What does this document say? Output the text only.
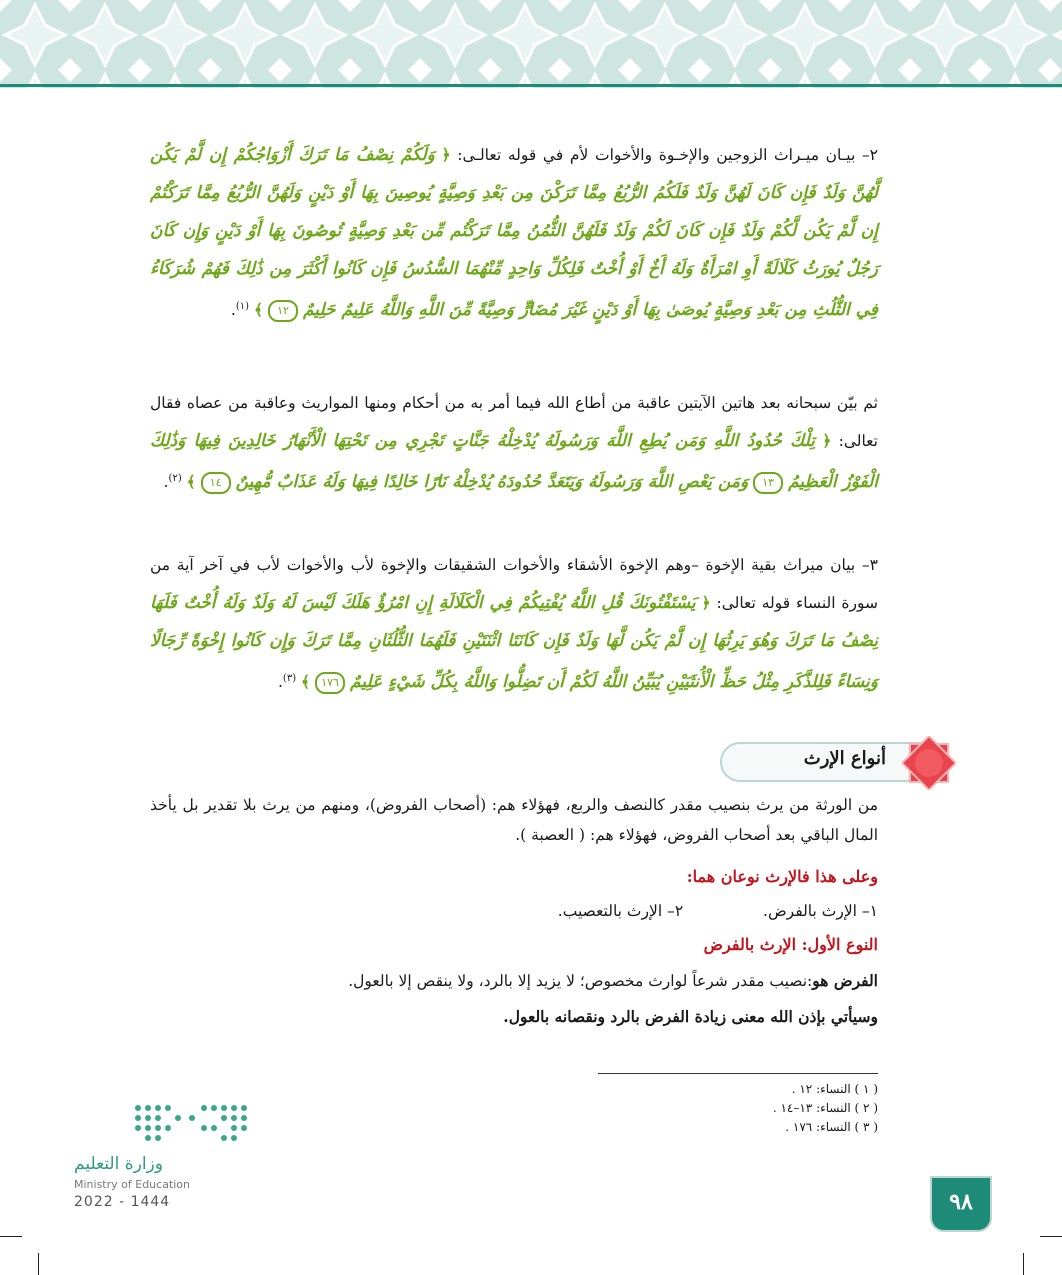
٢– بيـان ميـراث الزوجين والإخـوة والأخوات لأم في قوله تعالـى: ﴿ وَلَكُمْ نِصْفُ مَا تَرَكَ أَزْوَاجُكُمْ إِن لَّمْ يَكُن لَّهُنَّ وَلَدٌ فَإِن كَانَ لَهُنَّ وَلَدٌ فَلَكُمُ الرُّبُعُ مِمَّا تَرَكْنَ مِن بَعْدِ وَصِيَّةٍ يُوصِينَ بِهَا أَوْ دَيْنٍ وَلَهُنَّ الرُّبُعُ مِمَّا تَرَكْتُمْ إِن لَّمْ يَكُن لَّكُمْ وَلَدٌ فَإِن كَانَ لَكُمْ وَلَدٌ فَلَهُنَّ الثُّمُنُ مِمَّا تَرَكْتُم مِّن بَعْدِ وَصِيَّةٍ تُوصُونَ بِهَا أَوْ دَيْنٍ وَإِن كَانَ رَجُلٌ يُورَثُ كَلَالَةً أَوِ امْرَأَةٌ وَلَهُ أَخٌ أَوْ أُخْتٌ فَلِكُلِّ وَاحِدٍ مِّنْهُمَا السُّدُسُ فَإِن كَانُوا أَكْثَرَ مِن ذَٰلِكَ فَهُمْ شُرَكَاءُ فِي الثُّلُثِ مِن بَعْدِ وَصِيَّةٍ يُوصَىٰ بِهَا أَوْ دَيْنٍ غَيْرَ مُضَارٍّ وَصِيَّةً مِّنَ اللَّهِ وَاللَّهُ عَلِيمٌ حَلِيمٌ ١٢ ﴾ $^{(١)}$.
ثم بيّن سبحانه بعد هاتين الآيتين عاقبة من أطاع الله فيما أمر به من أحكام ومنها المواريث وعاقبة من عصاه فقال تعالى: ﴿ تِلْكَ حُدُودُ اللَّهِ وَمَن يُطِعِ اللَّهَ وَرَسُولَهُ يُدْخِلْهُ جَنَّاتٍ تَجْرِي مِن تَحْتِهَا الْأَنْهَارُ خَالِدِينَ فِيهَا وَذَٰلِكَ الْفَوْزُ الْعَظِيمُ ١٣ وَمَن يَعْصِ اللَّهَ وَرَسُولَهُ وَيَتَعَدَّ حُدُودَهُ يُدْخِلْهُ نَارًا خَالِدًا فِيهَا وَلَهُ عَذَابٌ مُّهِينٌ ١٤ ﴾ $^{(٢)}$.
٣– بيان ميراث بقية الإخوة –وهم الإخوة الأشقاء والأخوات الشقيقات والإخوة لأب والأخوات لأب في آخر آية من سورة النساء قوله تعالى: ﴿ يَسْتَفْتُونَكَ قُلِ اللَّهُ يُفْتِيكُمْ فِي الْكَلَالَةِ إِنِ امْرُؤٌ هَلَكَ لَيْسَ لَهُ وَلَدٌ وَلَهُ أُخْتٌ فَلَهَا نِصْفُ مَا تَرَكَ وَهُوَ يَرِثُهَا إِن لَّمْ يَكُن لَّهَا وَلَدٌ فَإِن كَانَتَا اثْنَتَيْنِ فَلَهُمَا الثُّلُثَانِ مِمَّا تَرَكَ وَإِن كَانُوا إِخْوَةً رِّجَالًا وَنِسَاءً فَلِلذَّكَرِ مِثْلُ حَظِّ الْأُنثَيَيْنِ يُبَيِّنُ اللَّهُ لَكُمْ أَن تَضِلُّوا وَاللَّهُ بِكُلِّ شَيْءٍ عَلِيمٌ ١٧٦ ﴾ $^{(٣)}$.
أنواع الإرث
من الورثة من يرث بنصيب مقدر كالنصف والربع، فهؤلاء هم: (أصحاب الفروض)، ومنهم من يرث بلا تقدير بل يأخذ المال الباقي بعد أصحاب الفروض، فهؤلاء هم: ( العصبة ).
وعلى هذا فالإرث نوعان هما:
١– الإرث بالفرض.  ٢– الإرث بالتعصيب.
النوع الأول: الإرث بالفرض
الفرض هو:نصيب مقدر شرعاً لوارث مخصوص؛ لا يزيد إلا بالرد، ولا ينقص إلا بالعول.
وسيأتي بإذن الله معنى زيادة الفرض بالرد ونقصانه بالعول.
( ١ ) النساء: ١٢ .
( ٢ ) النساء: ١٣–١٤ .
( ٣ ) النساء: ١٧٦ .
وزارة التعليم
Ministry of Education
2022 - 1444	٩٨
